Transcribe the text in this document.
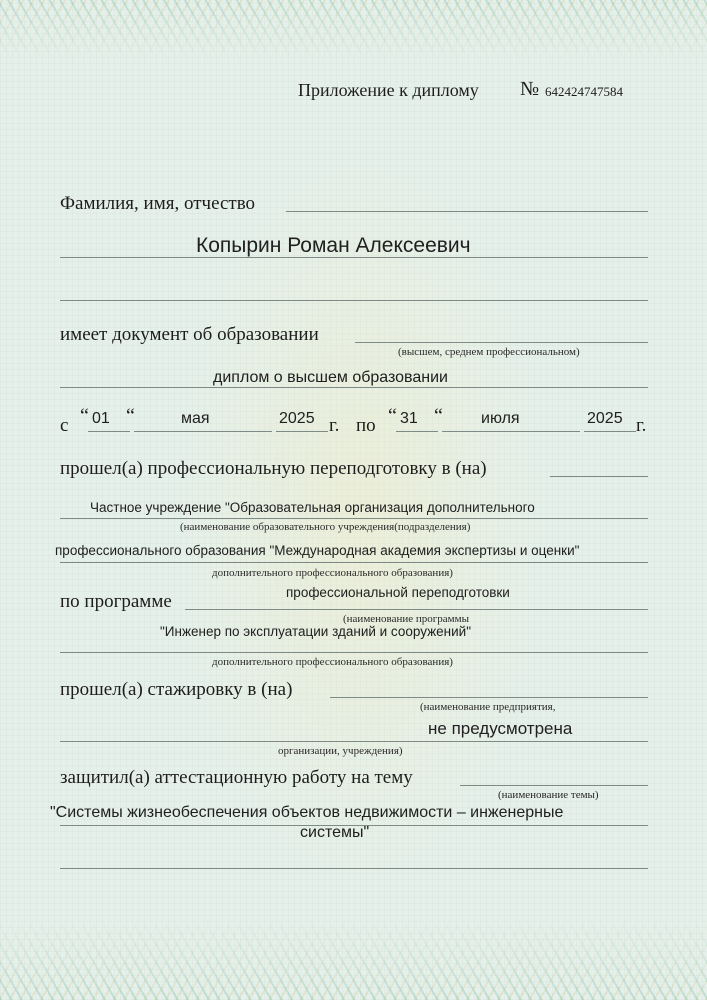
Приложение к диплому № 642424747584
Фамилия, имя, отчество
Копырин Роман Алексеевич
имеет документ об образовании
(высшем, среднем профессиональном)
диплом о высшем образовании
с “ 01 “	мая	2025 г. по “ 31 “ июля	2025 г.
прошел(а) профессиональную переподготовку в (на)
Частное учреждение "Образовательная организация дополнительного
(наименование образовательного учреждения(подразделения)
профессионального образования "Международная академия экспертизы и оценки"
дополнительного профессионального образования)
по программе	профессиональной переподготовки
(наименование программы
"Инженер по эксплуатации зданий и сооружений"
дополнительного профессионального образования)
прошел(а) стажировку в (на)
(наименование предприятия,
не предусмотрена
организации, учреждения)
защитил(а) аттестационную работу на тему
(наименование темы)
"Системы жизнеобеспечения объектов недвижимости – инженерные
системы"
